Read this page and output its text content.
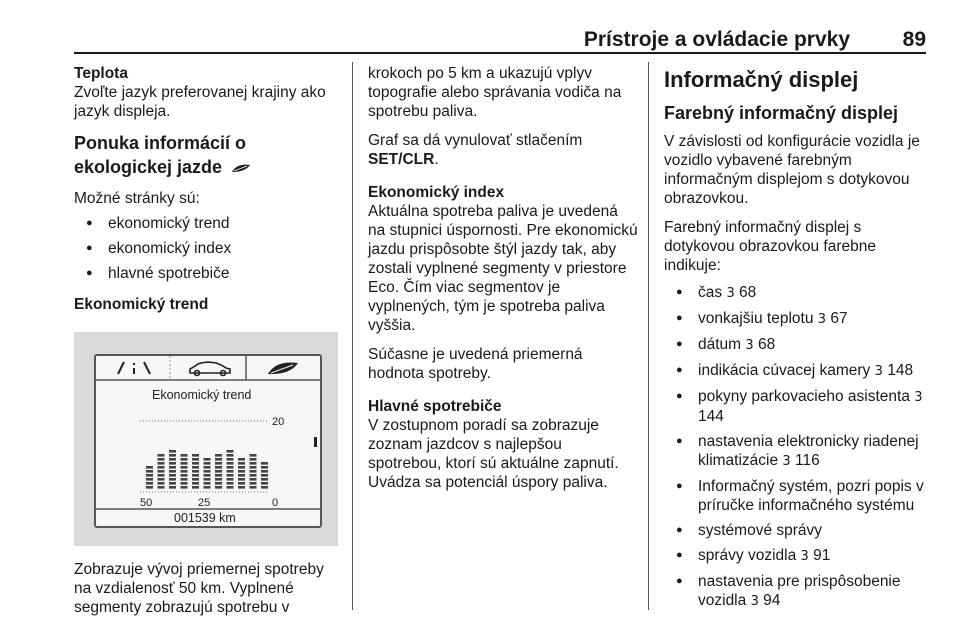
Prístroje a ovládacie prvky	89
Teplota

Zvoľte jazyk preferovanej krajiny ako jazyk displeja.

Ponuka informácií o ekologickej jazde

Možné stránky sú:

● ekonomický trend
● ekonomický index
● hlavné spotrebiče
Ekonomický trend
Ekonomický trend
20
50	25	0
001539 km

Zobrazuje vývoj priemernej spotreby na vzdialenosť 50 km. Vyplnené segmenty zobrazujú spotrebu v

krokoch po 5 km a ukazujú vplyv topografie alebo správania vodiča na spotrebu paliva.

Graf sa dá vynulovať stlačením SET/CLR.

Ekonomický index

Aktuálna spotreba paliva je uvedená na stupnici úspornosti. Pre ekonomickú jazdu prispôsobte štýl jazdy tak, aby zostali vyplnené segmenty v priestore Eco. Čím viac segmentov je vyplnených, tým je spotreba paliva vyššia.

Súčasne je uvedená priemerná hodnota spotreby.

Hlavné spotrebiče

V zostupnom poradí sa zobrazuje zoznam jazdcov s najlepšou spotrebou, ktorí sú aktuálne zapnutí. Uvádza sa potenciál úspory paliva.

Informačný displej
Farebný informačný displej

V závislosti od konfigurácie vozidla je vozidlo vybavené farebným informačným displejom s dotykovou obrazovkou.

Farebný informačný displej s dotykovou obrazovkou farebne indikuje:

● čas 3 68
● vonkajšiu teplotu 3 67
● dátum 3 68
● indikácia cúvacej kamery 3 148
● pokyny parkovacieho asistenta 3 144
● nastavenia elektronicky riadenej klimatizácie 3 116
● Informačný systém, pozri popis v príručke informačného systému
● systémové správy
● správy vozidla 3 91
● nastavenia pre prispôsobenie vozidla 3 94
